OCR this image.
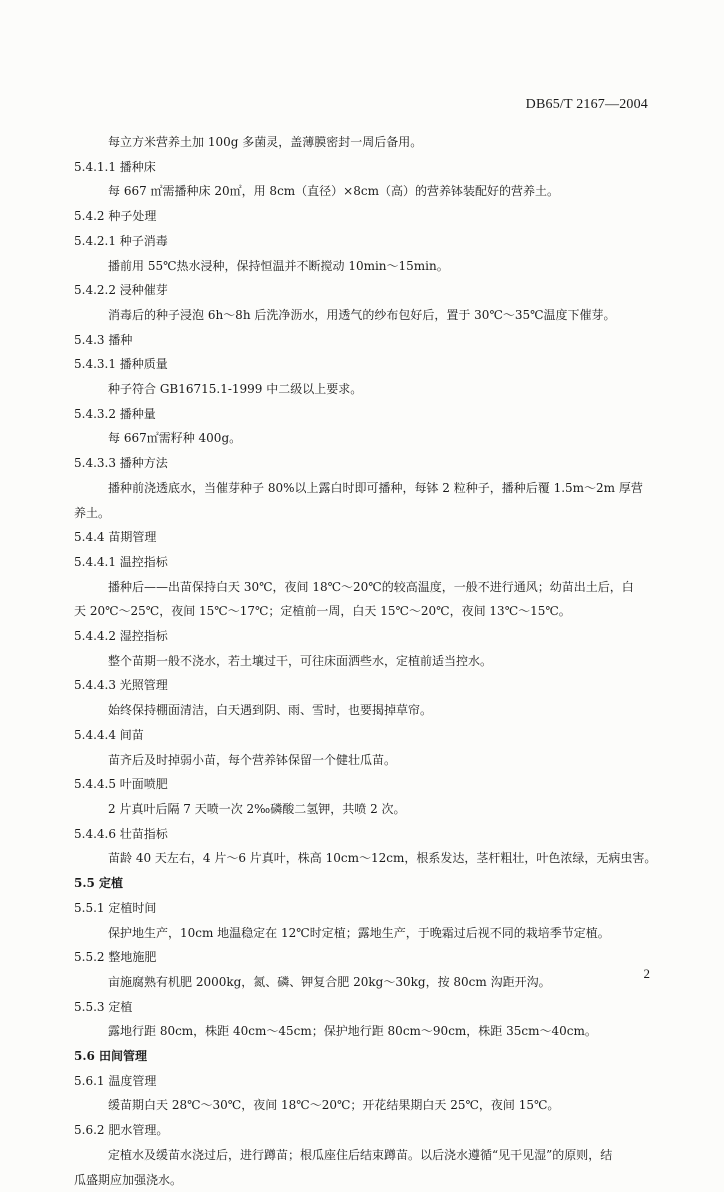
DB65/T 2167—2004
每立方米营养土加 100g 多菌灵，盖薄膜密封一周后备用。
5.4.1.1 播种床
每 667 ㎡需播种床 20㎡，用 8cm（直径）×8cm（高）的营养钵装配好的营养土。
5.4.2 种子处理
5.4.2.1 种子消毒
播前用 55℃热水浸种，保持恒温并不断搅动 10min～15min。
5.4.2.2 浸种催芽
消毒后的种子浸泡 6h～8h 后洗净沥水，用透气的纱布包好后，置于 30℃～35℃温度下催芽。
5.4.3 播种
5.4.3.1 播种质量
种子符合 GB16715.1-1999 中二级以上要求。
5.4.3.2 播种量
每 667㎡需籽种 400g。
5.4.3.3 播种方法
播种前浇透底水，当催芽种子 80%以上露白时即可播种，每钵 2 粒种子，播种后覆 1.5m～2m 厚营
养土。
5.4.4 苗期管理
5.4.4.1 温控指标
播种后——出苗保持白天 30℃，夜间 18℃～20℃的较高温度，一般不进行通风；幼苗出土后，白
天 20℃～25℃，夜间 15℃～17℃；定植前一周，白天 15℃～20℃，夜间 13℃～15℃。
5.4.4.2 湿控指标
整个苗期一般不浇水，若土壤过干，可往床面洒些水，定植前适当控水。
5.4.4.3 光照管理
始终保持棚面清洁，白天遇到阴、雨、雪时，也要揭掉草帘。
5.4.4.4 间苗
苗齐后及时掉弱小苗，每个营养钵保留一个健壮瓜苗。
5.4.4.5 叶面喷肥
2 片真叶后隔 7 天喷一次 2‰磷酸二氢钾，共喷 2 次。
5.4.4.6 壮苗指标
苗龄 40 天左右，4 片～6 片真叶，株高 10cm～12cm，根系发达，茎杆粗壮，叶色浓绿，无病虫害。
5.5 定植
5.5.1 定植时间
保护地生产，10cm 地温稳定在 12℃时定植；露地生产，于晚霜过后视不同的栽培季节定植。
5.5.2 整地施肥
亩施腐熟有机肥 2000kg，氮、磷、钾复合肥 20kg～30kg，按 80cm 沟距开沟。
5.5.3 定植
露地行距 80cm，株距 40cm～45cm；保护地行距 80cm～90cm，株距 35cm～40cm。
5.6 田间管理
5.6.1 温度管理
缓苗期白天 28℃～30℃，夜间 18℃～20℃；开花结果期白天 25℃，夜间 15℃。
5.6.2 肥水管理。
定植水及缓苗水浇过后，进行蹲苗；根瓜座住后结束蹲苗。以后浇水遵循“见干见湿”的原则，结
瓜盛期应加强浇水。
2
